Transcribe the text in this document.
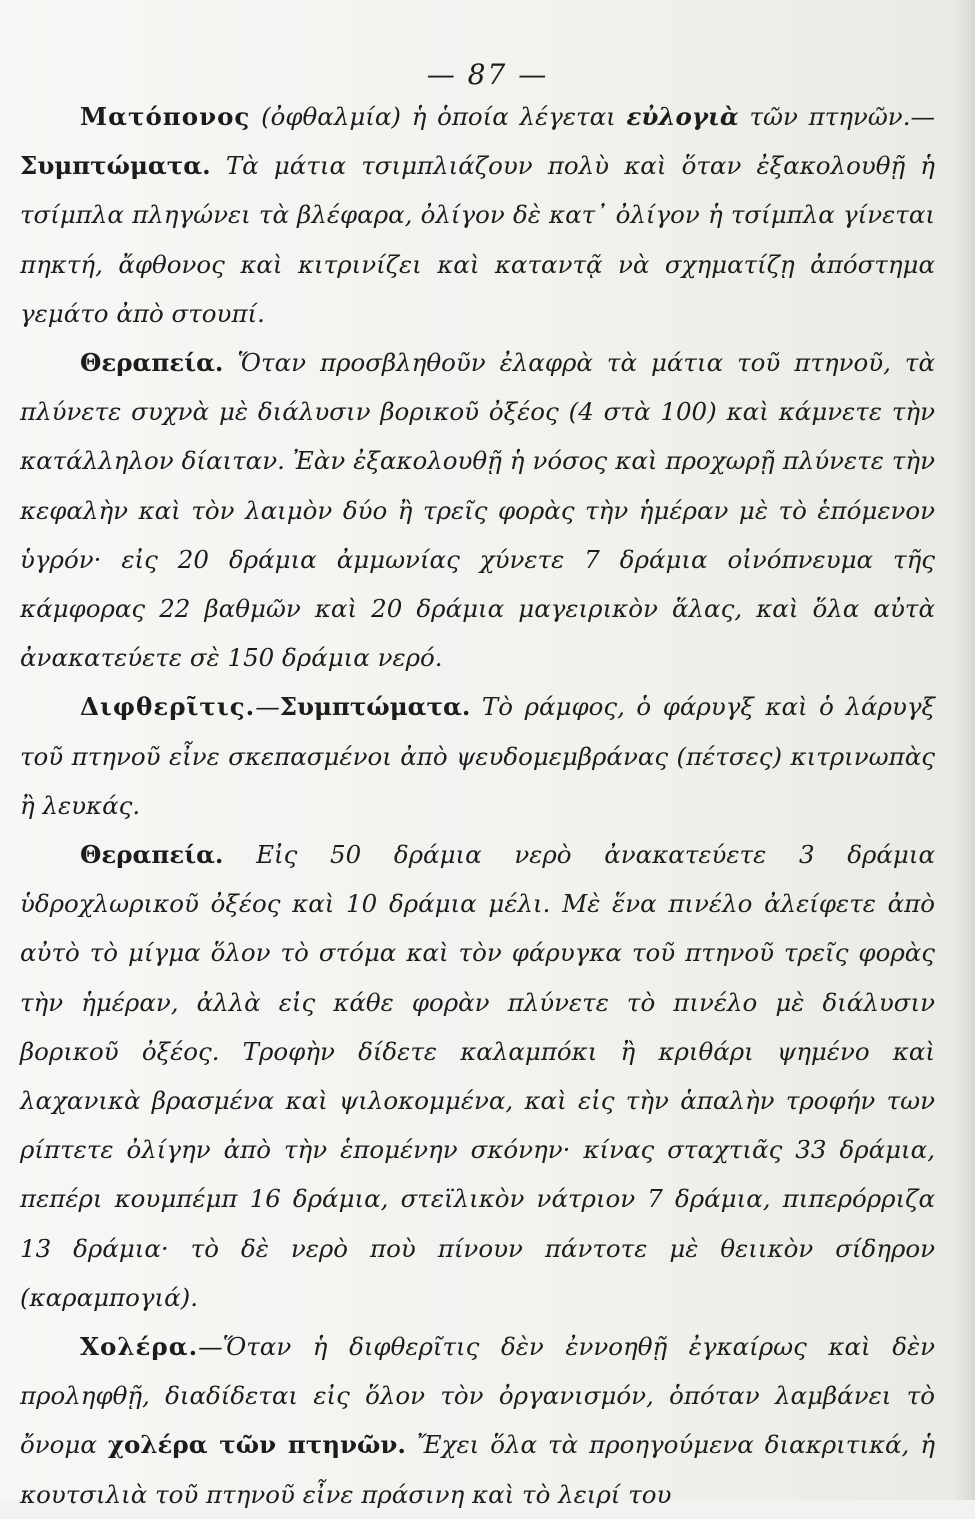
— 87 —

Ματόπονος (ὀφθαλμία) ἡ ὁποία λέγεται εὐλογιὰ τῶν πτηνῶν.—Συμπτώματα. Τὰ μάτια τσιμπλιάζουν πολὺ καὶ ὅταν ἐξακολουθῇ ἡ τσίμπλα πληγώνει τὰ βλέφαρα, ὀλίγον δὲ κατ᾽ ὀλίγον ἡ τσίμπλα γίνεται πηκτή, ἄφθονος καὶ κιτρινίζει καὶ καταντᾷ νὰ σχηματίζῃ ἀπόστημα γεμάτο ἀπὸ στουπί.

Θεραπεία. Ὅταν προσβληθοῦν ἐλαφρὰ τὰ μάτια τοῦ πτηνοῦ, τὰ πλύνετε συχνὰ μὲ διάλυσιν βορικοῦ ὀξέος (4 στὰ 100) καὶ κάμνετε τὴν κατάλληλον δίαιταν. Ἐὰν ἐξακολουθῇ ἡ νόσος καὶ προχωρῇ πλύνετε τὴν κεφαλὴν καὶ τὸν λαιμὸν δύο ἢ τρεῖς φορὰς τὴν ἡμέραν μὲ τὸ ἑπόμενον ὑγρόν· εἰς 20 δράμια ἀμμωνίας χύνετε 7 δράμια οἰνόπνευμα τῆς κάμφορας 22 βαθμῶν καὶ 20 δράμια μαγειρικὸν ἅλας, καὶ ὅλα αὐτὰ ἀνακατεύετε σὲ 150 δράμια νερό.

Διφθερῖτις.—Συμπτώματα. Τὸ ράμφος, ὁ φάρυγξ καὶ ὁ λάρυγξ τοῦ πτηνοῦ εἶνε σκεπασμένοι ἀπὸ ψευδομεμβράνας (πέτσες) κιτρινωπὰς ἢ λευκάς.

Θεραπεία. Εἰς 50 δράμια νερὸ ἀνακατεύετε 3 δράμια ὑδροχλωρικοῦ ὀξέος καὶ 10 δράμια μέλι. Μὲ ἕνα πινέλο ἀλείφετε ἀπὸ αὐτὸ τὸ μίγμα ὅλον τὸ στόμα καὶ τὸν φάρυγκα τοῦ πτηνοῦ τρεῖς φορὰς τὴν ἡμέραν, ἀλλὰ εἰς κάθε φορὰν πλύνετε τὸ πινέλο μὲ διάλυσιν βορικοῦ ὀξέος. Τροφὴν δίδετε καλαμπόκι ἢ κριθάρι ψημένο καὶ λαχανικὰ βρασμένα καὶ ψιλοκομμένα, καὶ εἰς τὴν ἁπαλὴν τροφήν των ρίπτετε ὀλίγην ἀπὸ τὴν ἑπομένην σκόνην· κίνας σταχτιᾶς 33 δράμια, πεπέρι κουμπέμπ 16 δράμια, στεϊλικὸν νάτριον 7 δράμια, πιπερόρριζα 13 δράμια· τὸ δὲ νερὸ ποὺ πίνουν πάντοτε μὲ θειικὸν σίδηρον (καραμπογιά).

Χολέρα.—Ὅταν ἡ διφθερῖτις δὲν ἐννοηθῇ ἐγκαίρως καὶ δὲν προληφθῇ, διαδίδεται εἰς ὅλον τὸν ὀργανισμόν, ὁπόταν λαμβάνει τὸ ὄνομα χολέρα τῶν πτηνῶν. Ἔχει ὅλα τὰ προηγούμενα διακριτικά, ἡ κουτσιλιὰ τοῦ πτηνοῦ εἶνε πράσινη καὶ τὸ λειρί του
